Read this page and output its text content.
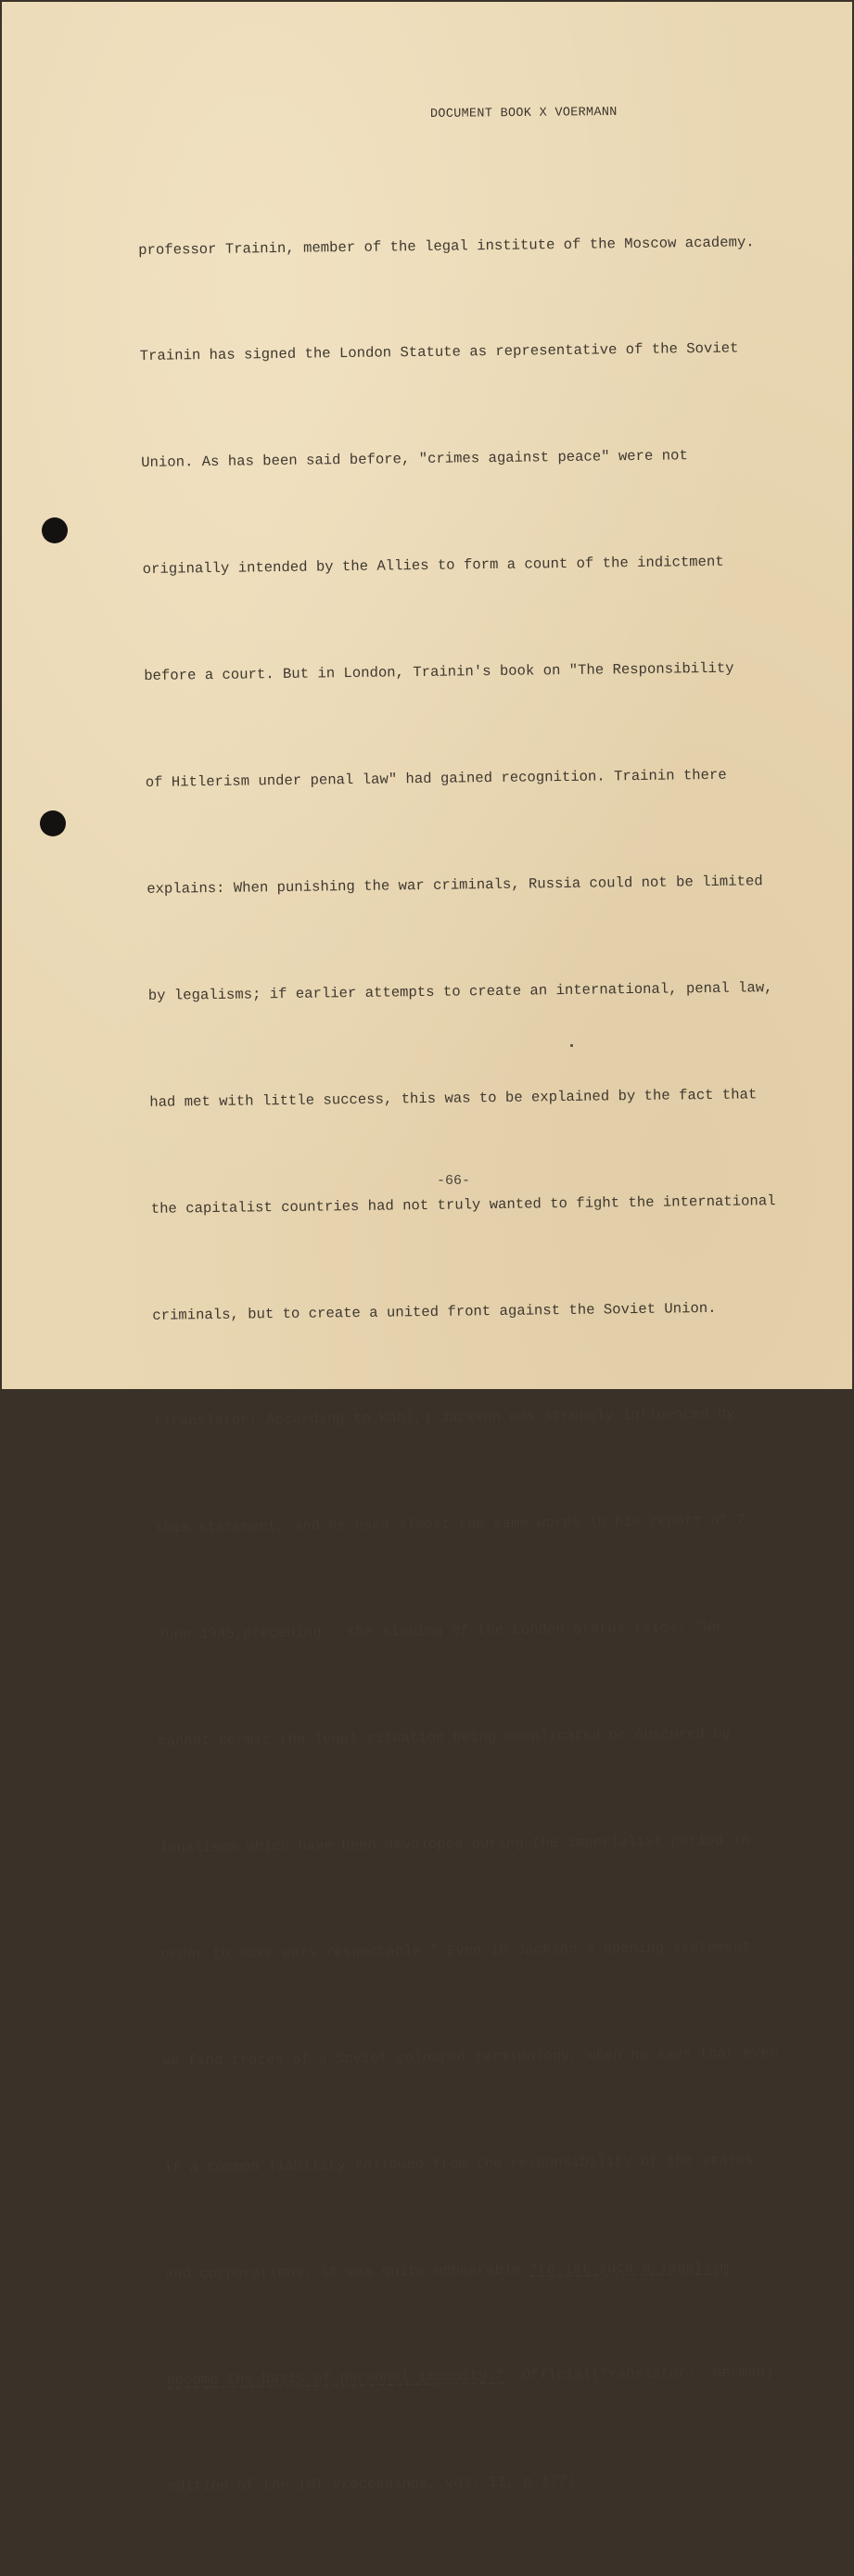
DOCUMENT BOOK X VOERMANN

professor Trainin, member of the legal institute of the Moscow academy.

Trainin has signed the London Statute as representative of the Soviet

Union. As has been said before, "crimes against peace" were not

originally intended by the Allies to form a count of the indictment

before a court. But in London, Trainin's book on "The Responsibility

of Hitlerism under penal law" had gained recognition. Trainin there

explains: When punishing the war criminals, Russia could not be limited

by legalisms; if earlier attempts to create an international, penal law,

had met with little success, this was to be explained by the fact that

the capitalist countries had not truly wanted to fight the international

criminals, but to create a united front against the Soviet Union.

(Translator: According to Wahl,) Jackson was strongly influenced by

this statement, and he used almost the same words in his report of 7

June 1945,preceding   the signing of the London Status (sic): "We

cannot permit the legal situation being complicated or obscured by

legalisms which have been developed during the imperialist period in

order to make wars respectable." Even in Jackson's opening statement

we find traces of a Soviet coloured terminology, when he says that even

if a common liability followed from the responsibility of the states

and corporations, it was quite unbearable "to let such a legalism

become the basis of personal immunity."  Official(Translator:  German)

edition of the IMT Proceedings, vol. II, p.177).

-66-
